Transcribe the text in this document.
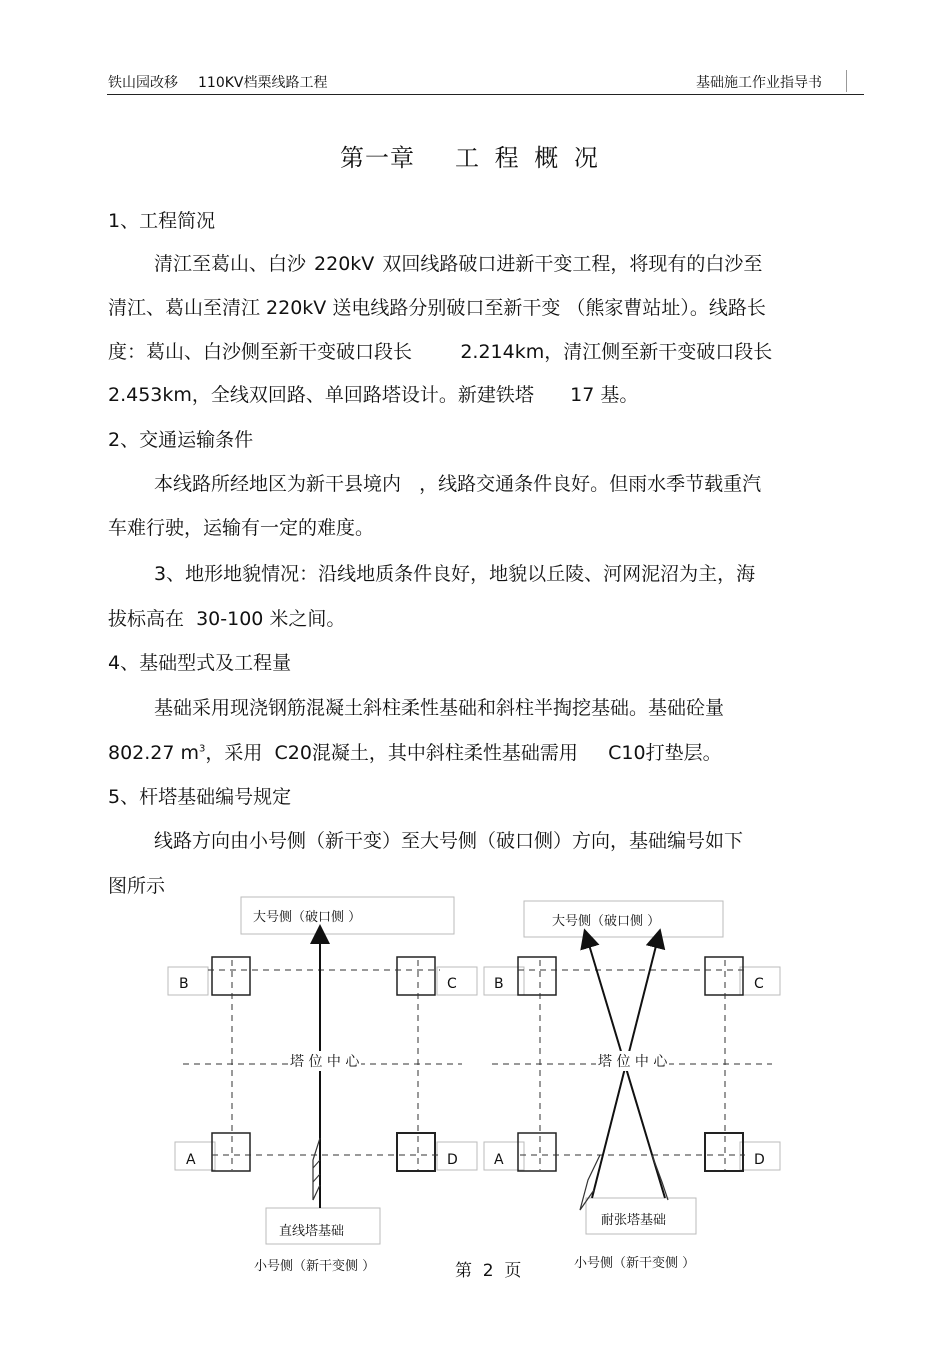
铁山园改移 110KV档栗线路工程	基础施工作业指导书
第一章 工 程 概 况
1、工程简况
清江至葛山、白沙 220kV 双回线路破口进新干变工程，将现有的白沙至
清江、葛山至清江 220kV 送电线路分别破口至新干变 （熊家曹站址）。线路长
度：葛山、白沙侧至新干变破口段长        2.214km，清江侧至新干变破口段长
2.453km，全线双回路、单回路塔设计。新建铁塔      17 基。
2、交通运输条件
本线路所经地区为新干县境内   ，线路交通条件良好。但雨水季节载重汽
车难行驶，运输有一定的难度。
3、地形地貌情况：沿线地质条件良好，地貌以丘陵、河网泥沼为主，海
拔标高在  30-100 米之间。
4、基础型式及工程量
基础采用现浇钢筋混凝土斜柱柔性基础和斜柱半掏挖基础。基础砼量
802.27 $m^3$，采用  C20混凝土，其中斜柱柔性基础需用     C10打垫层。
5、杆塔基础编号规定
线路方向由小号侧（新干变）至大号侧（破口侧）方向，基础编号如下
图所示
大号侧（破口侧 ）
B	C
塔 位 中 心
A	D
直线塔基础
小号侧（新干变侧 ）
大号侧（破口侧 ）
B	C
塔 位 中 心
A	D
耐张塔基础
小号侧（新干变侧 ）
第  2  页
